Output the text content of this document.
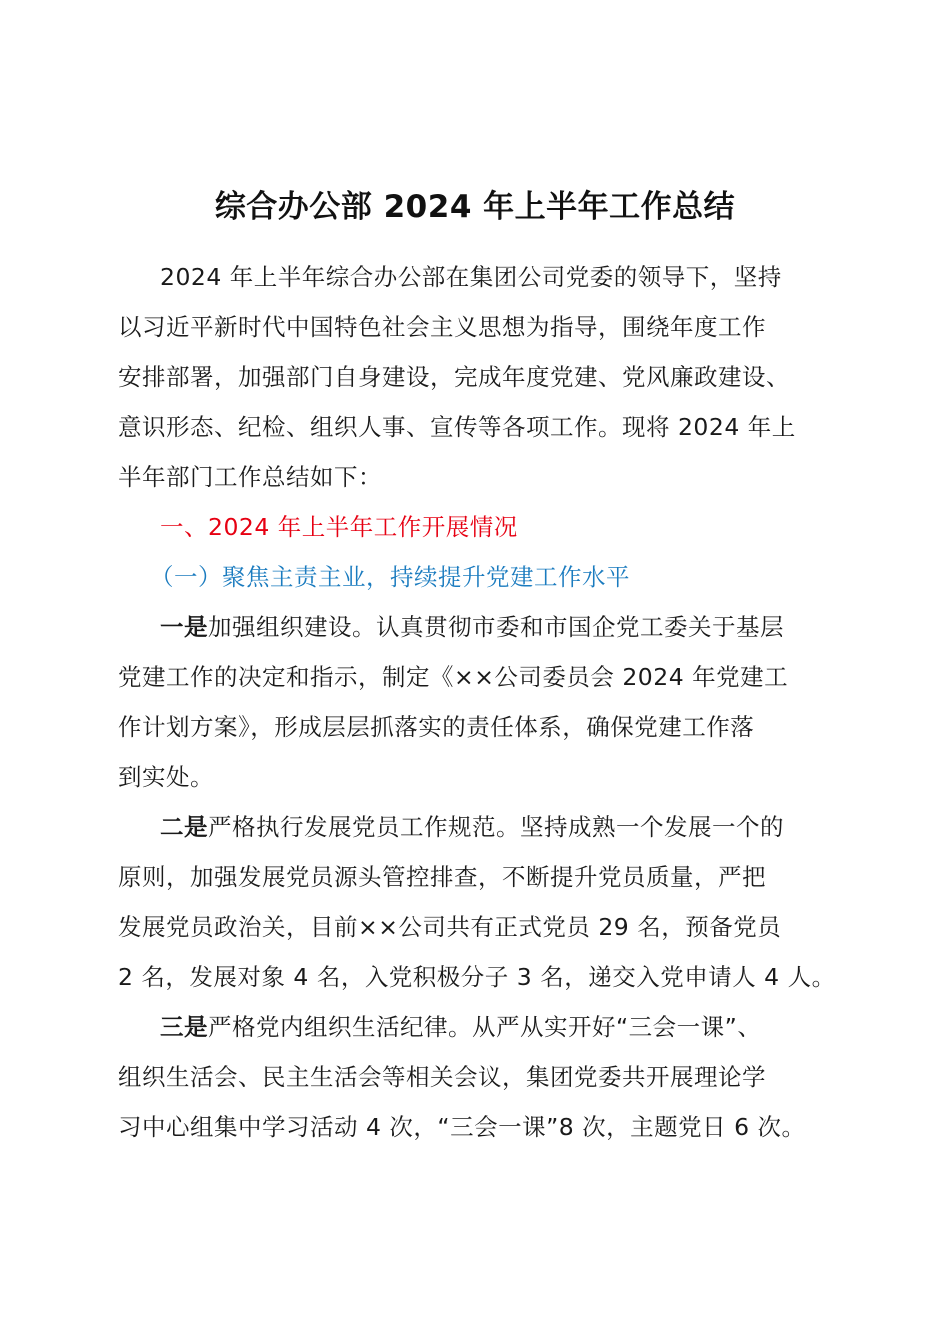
综合办公部 2024 年上半年工作总结
2024 年上半年综合办公部在集团公司党委的领导下，坚持
以习近平新时代中国特色社会主义思想为指导，围绕年度工作
安排部署，加强部门自身建设，完成年度党建、党风廉政建设、
意识形态、纪检、组织人事、宣传等各项工作。现将 2024 年上
半年部门工作总结如下：
一、2024 年上半年工作开展情况
（一）聚焦主责主业，持续提升党建工作水平
一是加强组织建设。认真贯彻市委和市国企党工委关于基层
党建工作的决定和指示，制定《××公司委员会 2024 年党建工
作计划方案》，形成层层抓落实的责任体系，确保党建工作落
到实处。
二是严格执行发展党员工作规范。坚持成熟一个发展一个的
原则，加强发展党员源头管控排查，不断提升党员质量，严把
发展党员政治关，目前××公司共有正式党员 29 名，预备党员
2 名，发展对象 4 名，入党积极分子 3 名，递交入党申请人 4 人。
三是严格党内组织生活纪律。从严从实开好“三会一课”、
组织生活会、民主生活会等相关会议，集团党委共开展理论学
习中心组集中学习活动 4 次，“三会一课”8 次，主题党日 6 次。
